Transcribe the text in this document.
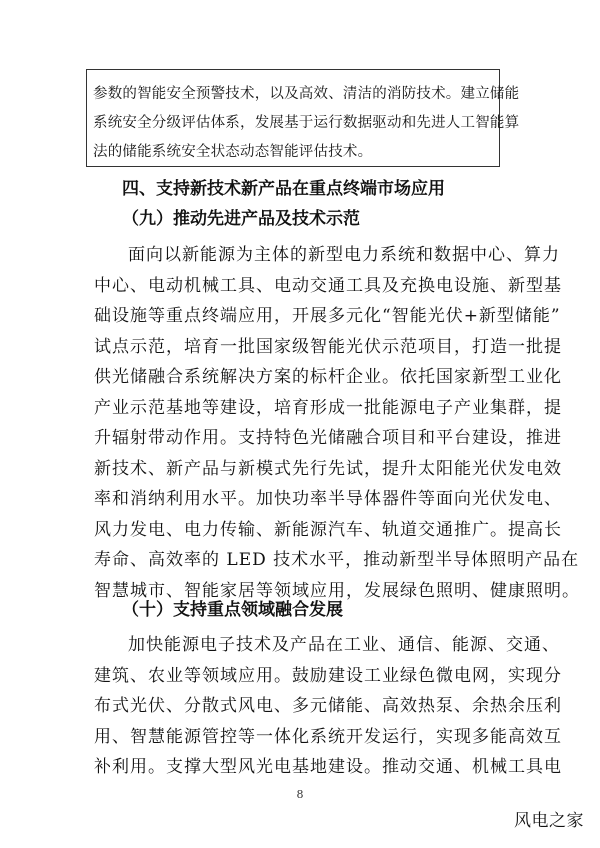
参数的智能安全预警技术，以及高效、清洁的消防技术。建立储能
系统安全分级评估体系，发展基于运行数据驱动和先进人工智能算
法的储能系统安全状态动态智能评估技术。
四、支持新技术新产品在重点终端市场应用
（九）推动先进产品及技术示范
面向以新能源为主体的新型电力系统和数据中心、算力
中心、电动机械工具、电动交通工具及充换电设施、新型基
础设施等重点终端应用，开展多元化“智能光伏+新型储能”
试点示范，培育一批国家级智能光伏示范项目，打造一批提
供光储融合系统解决方案的标杆企业。依托国家新型工业化
产业示范基地等建设，培育形成一批能源电子产业集群，提
升辐射带动作用。支持特色光储融合项目和平台建设，推进
新技术、新产品与新模式先行先试，提升太阳能光伏发电效
率和消纳利用水平。加快功率半导体器件等面向光伏发电、
风力发电、电力传输、新能源汽车、轨道交通推广。提高长
寿命、高效率的 LED 技术水平，推动新型半导体照明产品在
智慧城市、智能家居等领域应用，发展绿色照明、健康照明。
（十）支持重点领域融合发展
加快能源电子技术及产品在工业、通信、能源、交通、
建筑、农业等领域应用。鼓励建设工业绿色微电网，实现分
布式光伏、分散式风电、多元储能、高效热泵、余热余压利
用、智慧能源管控等一体化系统开发运行，实现多能高效互
补利用。支撑大型风光电基地建设。推动交通、机械工具电
8
风电之家
